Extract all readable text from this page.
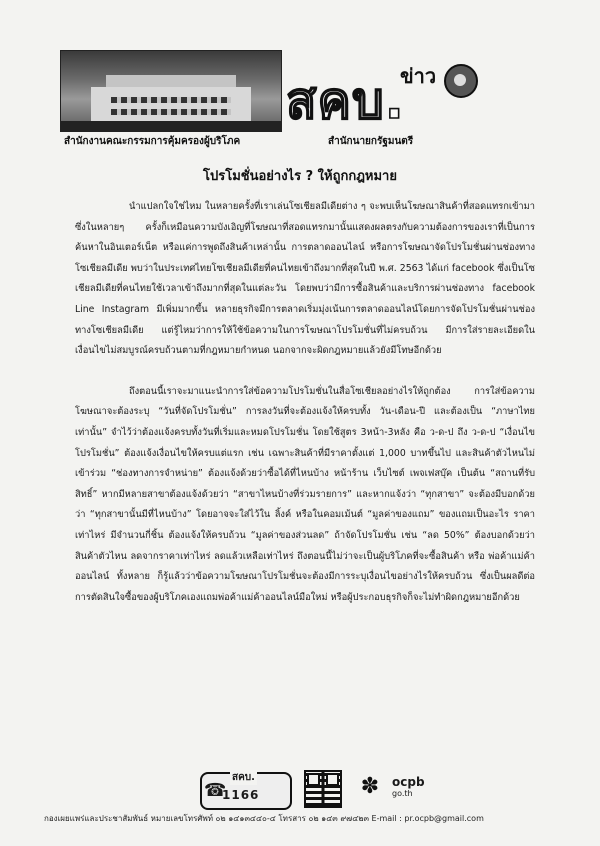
ข่าว
สคบ.
สำนักงานคณะกรรมการคุ้มครองผู้บริโภค	สำนักนายกรัฐมนตรี
โปรโมชั่นอย่างไร ? ให้ถูกกฎหมาย

นำแปลกใจใช่ไหม ในหลายครั้งที่เราเล่นโซเชียลมีเดียต่าง ๆ จะพบเห็นโฆษณาสินค้าที่สอดแทรกเข้ามา ซึ่งในหลายๆ ครั้งก็เหมือนความบังเอิญที่โฆษณาที่สอดแทรกมานั้นแสดงผลตรงกับความต้องการของเราที่เป็นการค้นหาในอินเตอร์เน็ต หรือแค่การพูดถึงสินค้าเหล่านั้น การตลาดออนไลน์ หรือการโฆษณาจัดโปรโมชั่นผ่านช่องทางโซเชียลมีเดีย พบว่าในประเทศไทยโซเชียลมีเดียที่คนไทยเข้าถึงมากที่สุดในปี พ.ศ. 2563 ได้แก่ facebook ซึ่งเป็นโซเชียลมีเดียที่คนไทยใช้เวลาเข้าถึงมากที่สุดในแต่ละวัน โดยพบว่ามีการซื้อสินค้าและบริการผ่านช่องทาง facebook Line Instagram มีเพิ่มมากขึ้น หลายธุรกิจมีการตลาดเริ่มมุ่งเน้นการตลาดออนไลน์โดยการจัดโปรโมชั่นผ่านช่องทางโซเชียลมีเดีย แต่รู้ไหมว่าการให้ใช้ข้อความในการโฆษณาโปรโมชั่นที่ไม่ครบถ้วน มีการใส่รายละเอียดในเงื่อนไขไม่สมบูรณ์ครบถ้วนตามที่กฎหมายกำหนด นอกจากจะผิดกฎหมายแล้วยังมีโทษอีกด้วย

ถึงตอนนี้เราจะมาแนะนำการใส่ข้อความโปรโมชั่นในสื่อโซเชียลอย่างไรให้ถูกต้อง การใส่ข้อความโฆษณาจะต้องระบุ “วันที่จัดโปรโมชั่น” การลงวันที่จะต้องแจ้งให้ครบทั้ง วัน-เดือน-ปี และต้องเป็น “ภาษาไทยเท่านั้น” จำไว้ว่าต้องแจ้งครบทั้งวันที่เริ่มและหมดโปรโมชั่น โดยใช้สูตร 3หน้า-3หลัง คือ ว-ด-ป ถึง ว-ด-ป “เงื่อนไขโปรโมชั่น” ต้องแจ้งเงื่อนไขให้ครบแต่แรก เช่น เฉพาะสินค้าที่มีราคาตั้งแต่ 1,000 บาทขึ้นไป และสินค้าตัวไหนไม่เข้าร่วม “ช่องทางการจำหน่าย” ต้องแจ้งด้วยว่าซื้อได้ที่ไหนบ้าง หน้าร้าน เว็บไซต์ เพจเฟสบุ๊ค เป็นต้น “สถานที่รับสิทธิ์” หากมีหลายสาขาต้องแจ้งด้วยว่า “สาขาไหนบ้างที่ร่วมรายการ” และหากแจ้งว่า “ทุกสาขา” จะต้องมีบอกด้วยว่า “ทุกสาขานั้นมีที่ไหนบ้าง” โดยอาจจะใส่ไว้ใน ลิ้งค์ หรือในคอมเม้นต์ “มูลค่าของแถม” ของแถมเป็นอะไร ราคาเท่าไหร่ มีจำนวนกี่ชิ้น ต้องแจ้งให้ครบถ้วน “มูลค่าของส่วนลด” ถ้าจัดโปรโมชั่น เช่น “ลด 50%” ต้องบอกด้วยว่า สินค้าตัวไหน ลดจากราคาเท่าไหร่ ลดแล้วเหลือเท่าไหร่ ถึงตอนนี้ไม่ว่าจะเป็นผู้บริโภคที่จะซื้อสินค้า หรือ พ่อค้าแม่ค้าออนไลน์ ทั้งหลาย ก็รู้แล้วว่าข้อความโฆษณาโปรโมชั่นจะต้องมีการระบุเงื่อนไขอย่างไรให้ครบถ้วน ซึ่งเป็นผลดีต่อการตัดสินใจซื้อของผู้บริโภคเองแถมพ่อค้าแม่ค้าออนไลน์มือใหม่ หรือผู้ประกอบธุรกิจก็จะไม่ทำผิดกฎหมายอีกด้วย

☎
สคบ.
1166	✽	ocpb
go.th
กองเผยแพร่และประชาสัมพันธ์ หมายเลขโทรศัพท์ ๐๒ ๑๔๑๓๔๔๐-๔ โทรสาร ๐๒ ๑๔๓ ๙๗๔๒๓ E-mail : pr.ocpb@gmail.com
